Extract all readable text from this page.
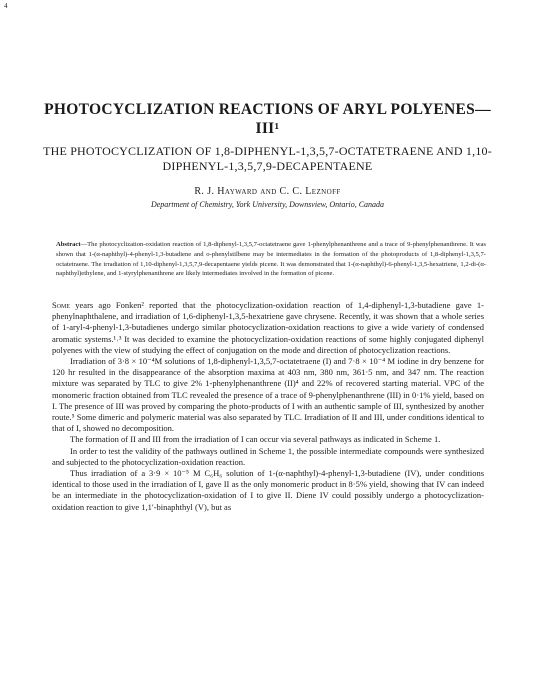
4
PHOTOCYCLIZATION REACTIONS OF ARYL POLYENES—III¹

THE PHOTOCYCLIZATION OF 1,8-DIPHENYL-1,3,5,7-OCTATETRAENE AND 1,10-DIPHENYL-1,3,5,7,9-DECAPENTAENE

R. J. Hayward and C. C. Leznoff

Department of Chemistry, York University, Downsview, Ontario, Canada

Abstract—The photocyclization-oxidation reaction of 1,8-diphenyl-1,3,5,7-octatetraene gave 1-phenylphenanthrene and a trace of 9-phenylphenanthrene. It was shown that 1-(α-naphthyl)-4-phenyl-1,3-butadiene and o-phenylstilbene may be intermediates in the formation of the photoproducts of 1,8-diphenyl-1,3,5,7-octatetraene. The irradiation of 1,10-diphenyl-1,3,5,7,9-decapentaene yields picene. It was demonstrated that 1-(α-naphthyl)-6-phenyl-1,3,5-hexatriene, 1,2-di-(α-naphthyl)ethylene, and 1-styrylphenanthrene are likely intermediates involved in the formation of picene.

Some years ago Fonken² reported that the photocyclization-oxidation reaction of 1,4-diphenyl-1,3-butadiene gave 1-phenylnaphthalene, and irradiation of 1,6-diphenyl-1,3,5-hexatriene gave chrysene. Recently, it was shown that a whole series of 1-aryl-4-phenyl-1,3-butadienes undergo similar photocyclization-oxidation reactions to give a wide variety of condensed aromatic systems.¹˒³ It was decided to examine the photocyclization-oxidation reactions of some highly conjugated diphenyl polyenes with the view of studying the effect of conjugation on the mode and direction of photocyclization reactions.

Irradiation of 3·8 × 10⁻⁴M solutions of 1,8-diphenyl-1,3,5,7-octatetraene (I) and 7·8 × 10⁻⁴ M iodine in dry benzene for 120 hr resulted in the disappearance of the absorption maxima at 403 nm, 380 nm, 361·5 nm, and 347 nm. The reaction mixture was separated by TLC to give 2% 1-phenylphenanthrene (II)⁴ and 22% of recovered starting material. VPC of the monomeric fraction obtained from TLC revealed the presence of a trace of 9-phenylphenanthrene (III) in 0·1% yield, based on I. The presence of III was proved by comparing the photo-products of I with an authentic sample of III, synthesized by another route.⁵ Some dimeric and polymeric material was also separated by TLC. Irradiation of II and III, under conditions identical to that of I, showed no decomposition.

The formation of II and III from the irradiation of I can occur via several pathways as indicated in Scheme 1.

In order to test the validity of the pathways outlined in Scheme 1, the possible intermediate compounds were synthesized and subjected to the photocyclization-oxidation reaction.

Thus irradiation of a 3·9 × 10⁻⁵ M C₆H₆ solution of 1-(α-naphthyl)-4-phenyl-1,3-butadiene (IV), under conditions identical to those used in the irradiation of I, gave II as the only monomeric product in 8·5% yield, showing that IV can indeed be an intermediate in the photocyclization-oxidation of I to give II. Diene IV could possibly undergo a photocyclization-oxidation reaction to give 1,1′-binaphthyl (V), but as
